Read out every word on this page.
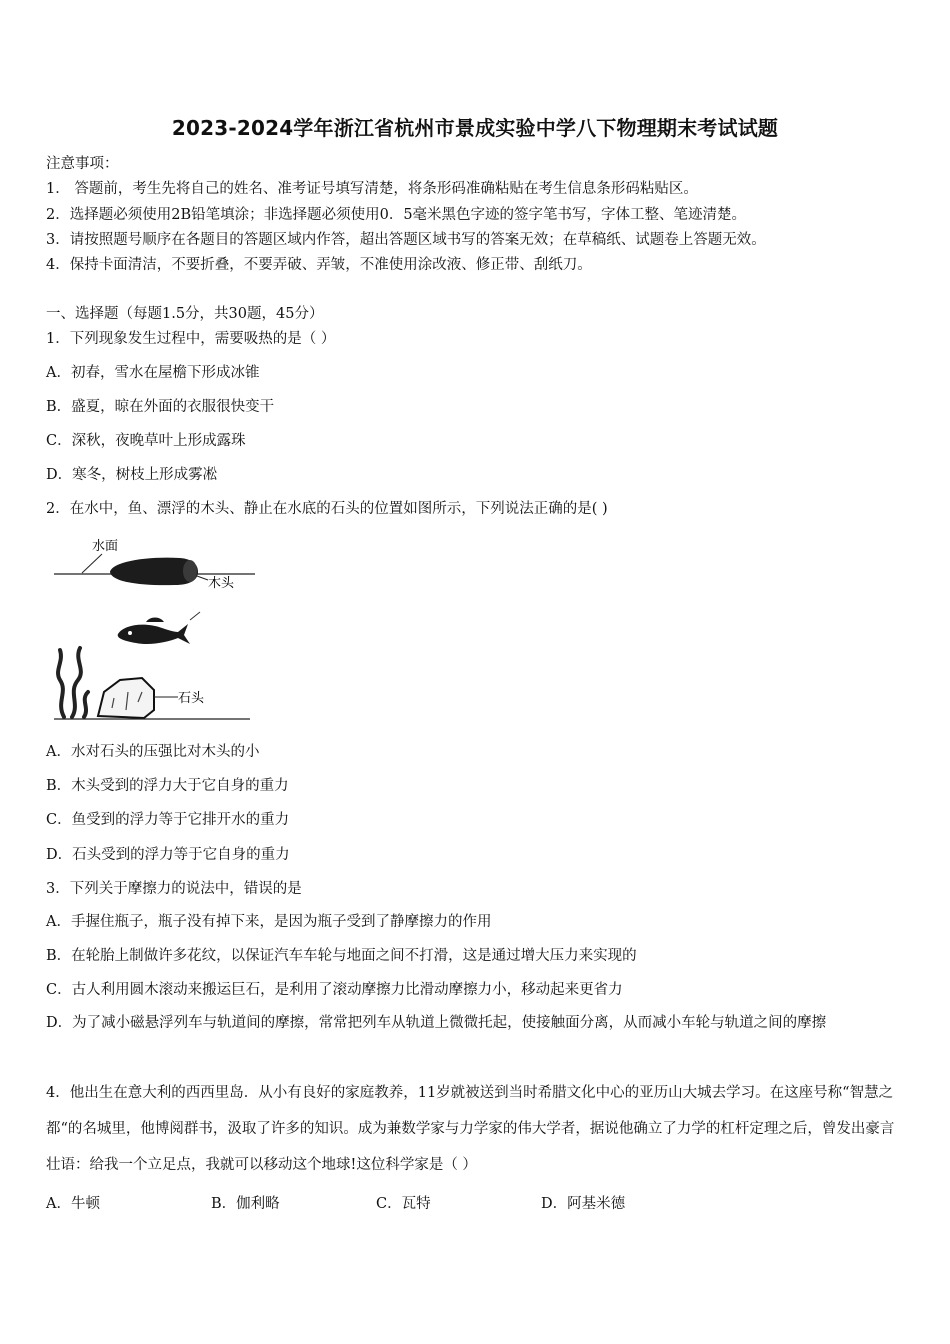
2023-2024学年浙江省杭州市景成实验中学八下物理期末考试试题
注意事项：
1． 答题前，考生先将自己的姓名、准考证号填写清楚，将条形码准确粘贴在考生信息条形码粘贴区。
2．选择题必须使用2B铅笔填涂；非选择题必须使用0．5毫米黑色字迹的签字笔书写，字体工整、笔迹清楚。
3．请按照题号顺序在各题目的答题区域内作答，超出答题区域书写的答案无效；在草稿纸、试题卷上答题无效。
4．保持卡面清洁，不要折叠，不要弄破、弄皱，不准使用涂改液、修正带、刮纸刀。
一、选择题（每题1.5分，共30题，45分）
1．下列现象发生过程中，需要吸热的是（ ）
A．初春，雪水在屋檐下形成冰锥
B．盛夏，晾在外面的衣服很快变干
C．深秋，夜晚草叶上形成露珠
D．寒冬，树枝上形成雾凇
2．在水中，鱼、漂浮的木头、静止在水底的石头的位置如图所示，下列说法正确的是( )
水面
木头
石头
A．水对石头的压强比对木头的小
B．木头受到的浮力大于它自身的重力
C．鱼受到的浮力等于它排开水的重力
D．石头受到的浮力等于它自身的重力
3．下列关于摩擦力的说法中，错误的是
A．手握住瓶子，瓶子没有掉下来，是因为瓶子受到了静摩擦力的作用
B．在轮胎上制做许多花纹，以保证汽车车轮与地面之间不打滑，这是通过增大压力来实现的
C．古人利用圆木滚动来搬运巨石，是利用了滚动摩擦力比滑动摩擦力小，移动起来更省力
D．为了减小磁悬浮列车与轨道间的摩擦，常常把列车从轨道上微微托起，使接触面分离，从而减小车轮与轨道之间的摩擦
4．他出生在意大利的西西里岛．从小有良好的家庭教养，11岁就被送到当时希腊文化中心的亚历山大城去学习。在这座号称“智慧之都“的名城里，他博阅群书，汲取了许多的知识。成为兼数学家与力学家的伟大学者，据说他确立了力学的杠杆定理之后，曾发出豪言壮语：给我一个立足点，我就可以移动这个地球!这位科学家是（ ）
A．牛顿	B．伽利略	C．瓦特	D．阿基米德
